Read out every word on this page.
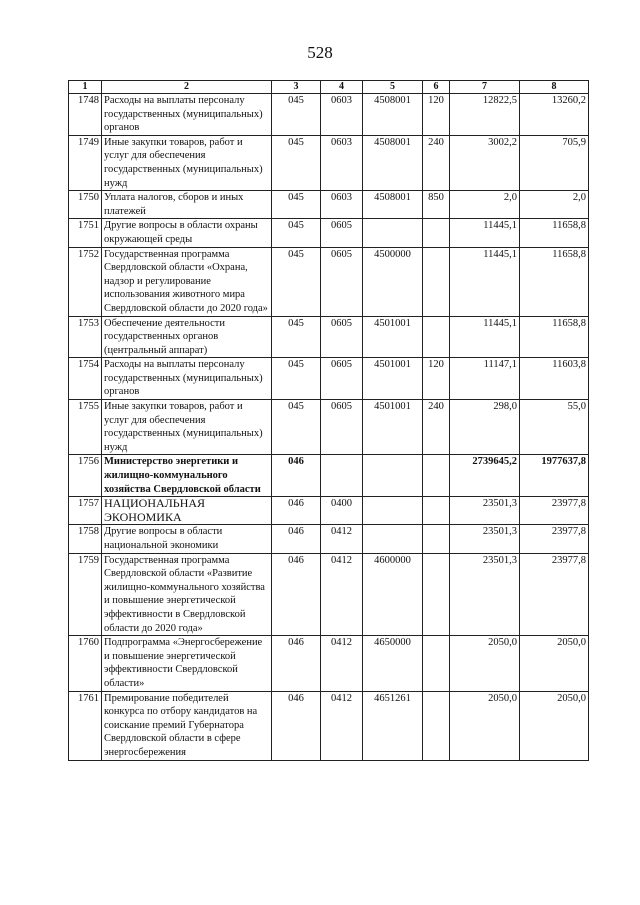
528
1	2	3	4	5	6	7	8
1748	Расходы на выплаты персоналу государственных (муниципальных) органов	045	0603	4508001	120	12822,5	13260,2
1749	Иные закупки товаров, работ и услуг для обеспечения государственных (муниципальных) нужд	045	0603	4508001	240	3002,2	705,9
1750	Уплата налогов, сборов и иных платежей	045	0603	4508001	850	2,0	2,0
1751	Другие вопросы в области охраны окружающей среды	045	0605			11445,1	11658,8
1752	Государственная программа Свердловской области «Охрана, надзор и регулирование использования животного мира Свердловской области до 2020 года»	045	0605	4500000		11445,1	11658,8
1753	Обеспечение деятельности государственных органов (центральный аппарат)	045	0605	4501001		11445,1	11658,8
1754	Расходы на выплаты персоналу государственных (муниципальных) органов	045	0605	4501001	120	11147,1	11603,8
1755	Иные закупки товаров, работ и услуг для обеспечения государственных (муниципальных) нужд	045	0605	4501001	240	298,0	55,0
1756	Министерство энергетики и жилищно-коммунального хозяйства Свердловской области	046				2739645,2	1977637,8
1757	НАЦИОНАЛЬНАЯ ЭКОНОМИКА	046	0400			23501,3	23977,8
1758	Другие вопросы в области национальной экономики	046	0412			23501,3	23977,8
1759	Государственная программа Свердловской области «Развитие жилищно-коммунального хозяйства и повышение энергетической эффективности в Свердловской области до 2020 года»	046	0412	4600000		23501,3	23977,8
1760	Подпрограмма «Энергосбережение и повышение энергетической эффективности Свердловской области»	046	0412	4650000		2050,0	2050,0
1761	Премирование победителей конкурса по отбору кандидатов на соискание премий Губернатора Свердловской области в сфере энергосбережения	046	0412	4651261		2050,0	2050,0
